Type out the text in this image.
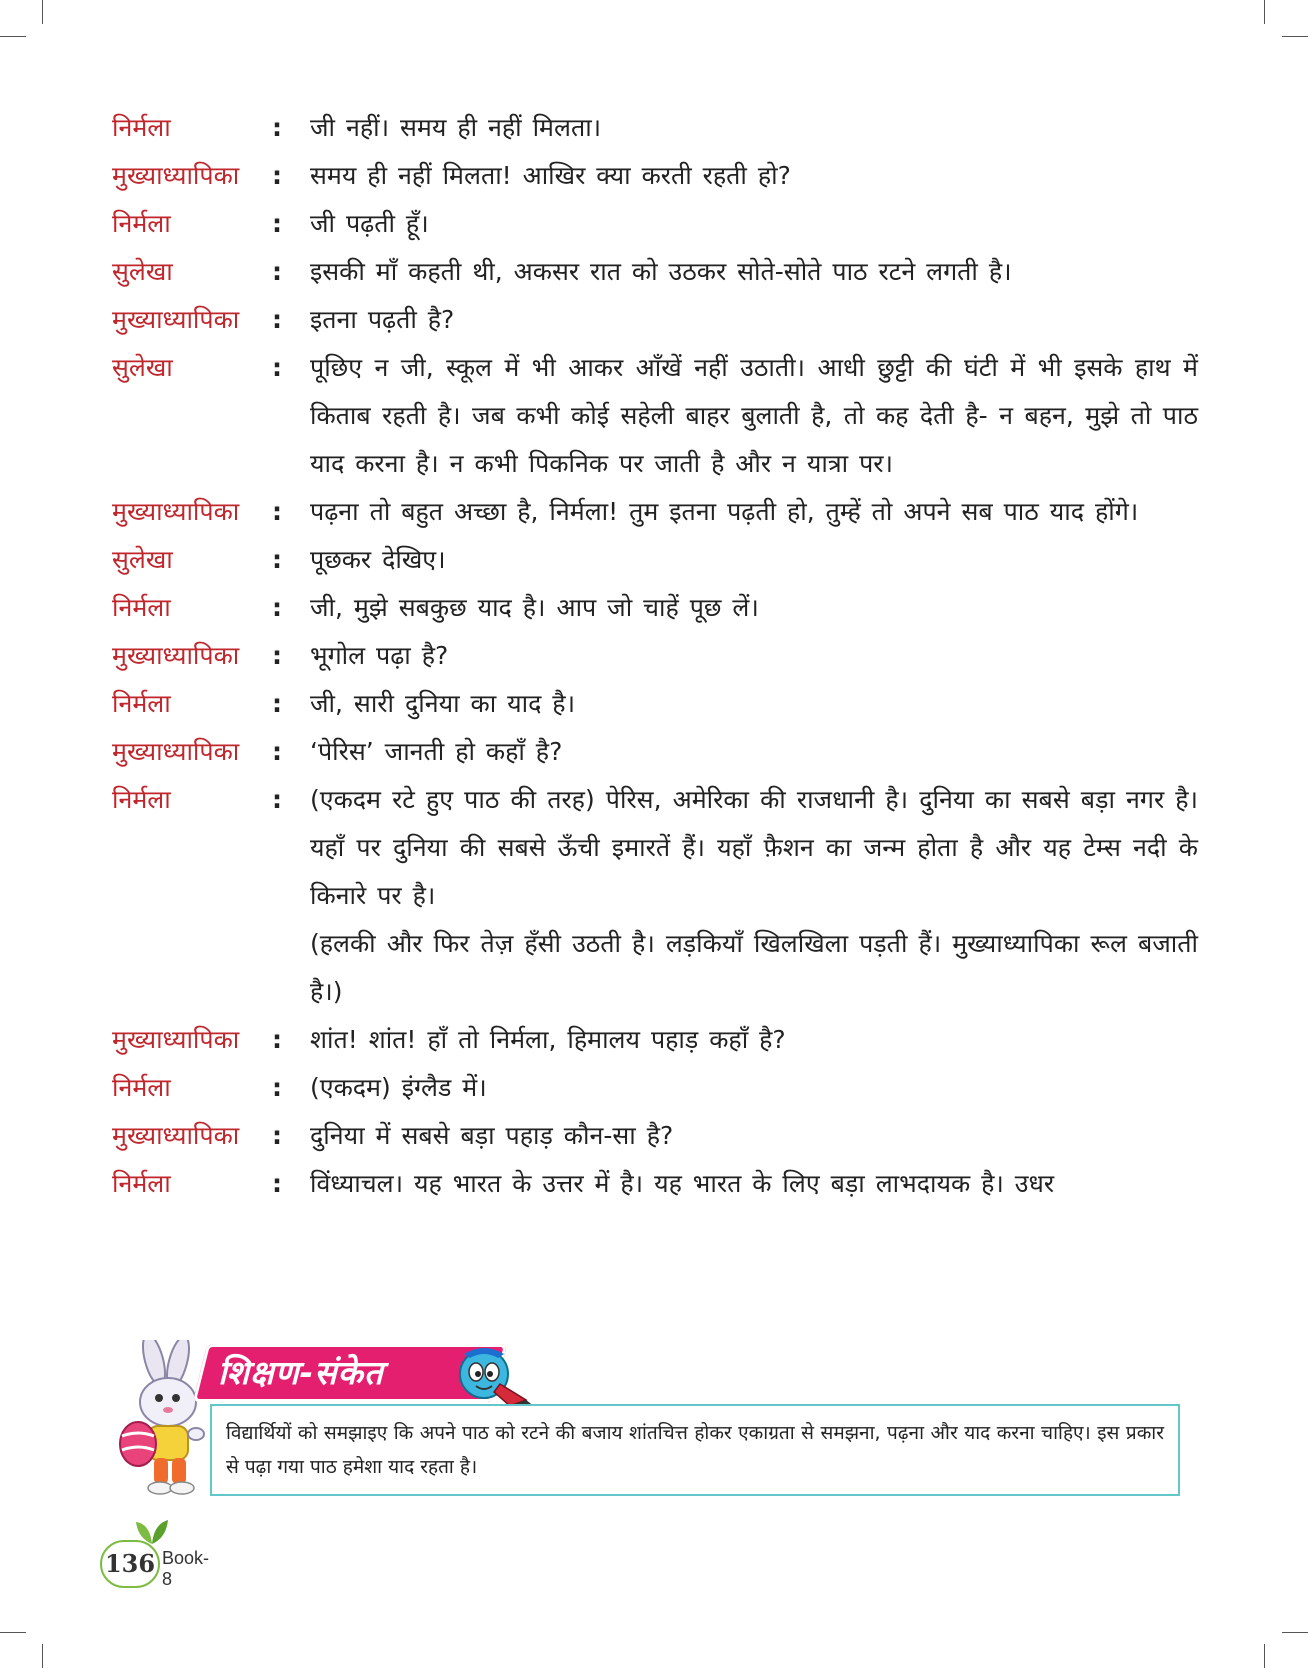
निर्मला	:	जी नहीं। समय ही नहीं मिलता।

मुख्याध्यापिका	:	समय ही नहीं मिलता! आखिर क्या करती रहती हो?

निर्मला	:	जी पढ़ती हूँ।

सुलेखा	:	इसकी माँ कहती थी, अकसर रात को उठकर सोते-सोते पाठ रटने लगती है।

मुख्याध्यापिका	:	इतना पढ़ती है?

सुलेखा	:	पूछिए न जी, स्कूल में भी आकर आँखें नहीं उठाती। आधी छुट्टी की घंटी में भी इसके हाथ में किताब रहती है। जब कभी कोई सहेली बाहर बुलाती है, तो कह देती है- न बहन, मुझे तो पाठ याद करना है। न कभी पिकनिक पर जाती है और न यात्रा पर।

मुख्याध्यापिका	:	पढ़ना तो बहुत अच्छा है, निर्मला! तुम इतना पढ़ती हो, तुम्हें तो अपने सब पाठ याद होंगे।

सुलेखा	:	पूछकर देखिए।

निर्मला	:	जी, मुझे सबकुछ याद है। आप जो चाहें पूछ लें।

मुख्याध्यापिका	:	भूगोल पढ़ा है?

निर्मला	:	जी, सारी दुनिया का याद है।

मुख्याध्यापिका	:	‘पेरिस’ जानती हो कहाँ है?

निर्मला	:	(एकदम रटे हुए पाठ की तरह) पेरिस, अमेरिका की राजधानी है। दुनिया का सबसे बड़ा नगर है। यहाँ पर दुनिया की सबसे ऊँची इमारतें हैं। यहाँ फ़ैशन का जन्म होता है और यह टेम्स नदी के किनारे पर है।

(हलकी और फिर तेज़ हँसी उठती है। लड़कियाँ खिलखिला पड़ती हैं। मुख्याध्यापिका रूल बजाती है।)

मुख्याध्यापिका	:	शांत! शांत! हाँ तो निर्मला, हिमालय पहाड़ कहाँ है?

निर्मला	:	(एकदम) इंग्लैड में।

मुख्याध्यापिका	:	दुनिया में सबसे बड़ा पहाड़ कौन-सा है?

निर्मला	:	विंध्याचल। यह भारत के उत्तर में है। यह भारत के लिए बड़ा लाभदायक है। उधर

शिक्षण-संकेत
विद्यार्थियों को समझाइए कि अपने पाठ को रटने की बजाय शांतचित्त होकर एकाग्रता से समझना, पढ़ना और याद करना चाहिए। इस प्रकार से पढ़ा गया पाठ हमेशा याद रहता है।
136 Book-8
